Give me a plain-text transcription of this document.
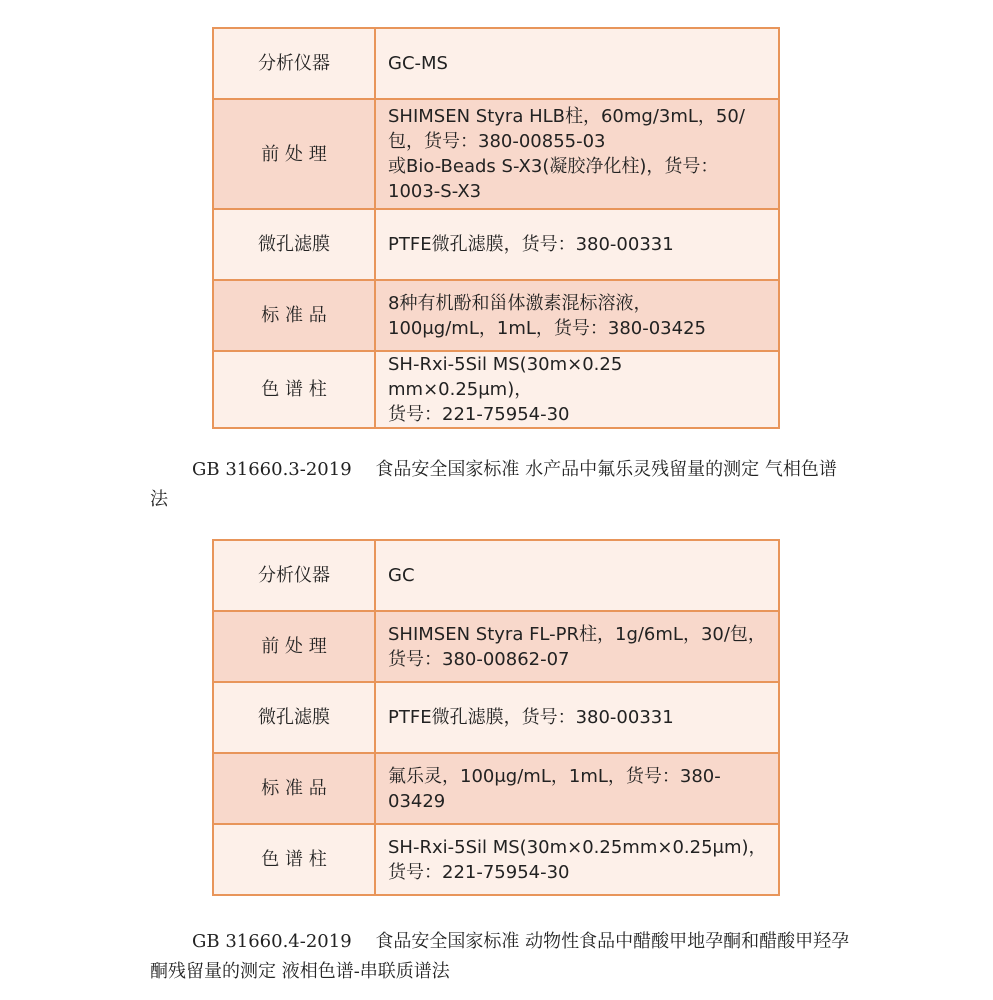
分析仪器	GC-MS
前 处 理	SHIMSEN Styra HLB柱，60mg/3mL，50/
包，货号：380-00855-03
或Bio-Beads S-X3(凝胶净化柱)，货号：
1003-S-X3
微孔滤膜	PTFE微孔滤膜，货号：380-00331
标 准 品	8种有机酚和甾体激素混标溶液，
100μg/mL，1mL，货号：380-03425
色 谱 柱	SH-Rxi-5Sil MS(30m×0.25 mm×0.25μm)，
货号：221-75954-30

GB 31660.3-2019　 食品安全国家标准 水产品中氟乐灵残留量的测定 气相色谱法

分析仪器	GC
前 处 理	SHIMSEN Styra FL-PR柱，1g/6mL，30/包，
货号：380-00862-07
微孔滤膜	PTFE微孔滤膜，货号：380-00331
标 准 品	氟乐灵，100μg/mL，1mL，货号：380-
03429
色 谱 柱	SH-Rxi-5Sil MS(30m×0.25mm×0.25μm)，
货号：221-75954-30

GB 31660.4-2019　 食品安全国家标准 动物性食品中醋酸甲地孕酮和醋酸甲羟孕酮残留量的测定 液相色谱-串联质谱法
